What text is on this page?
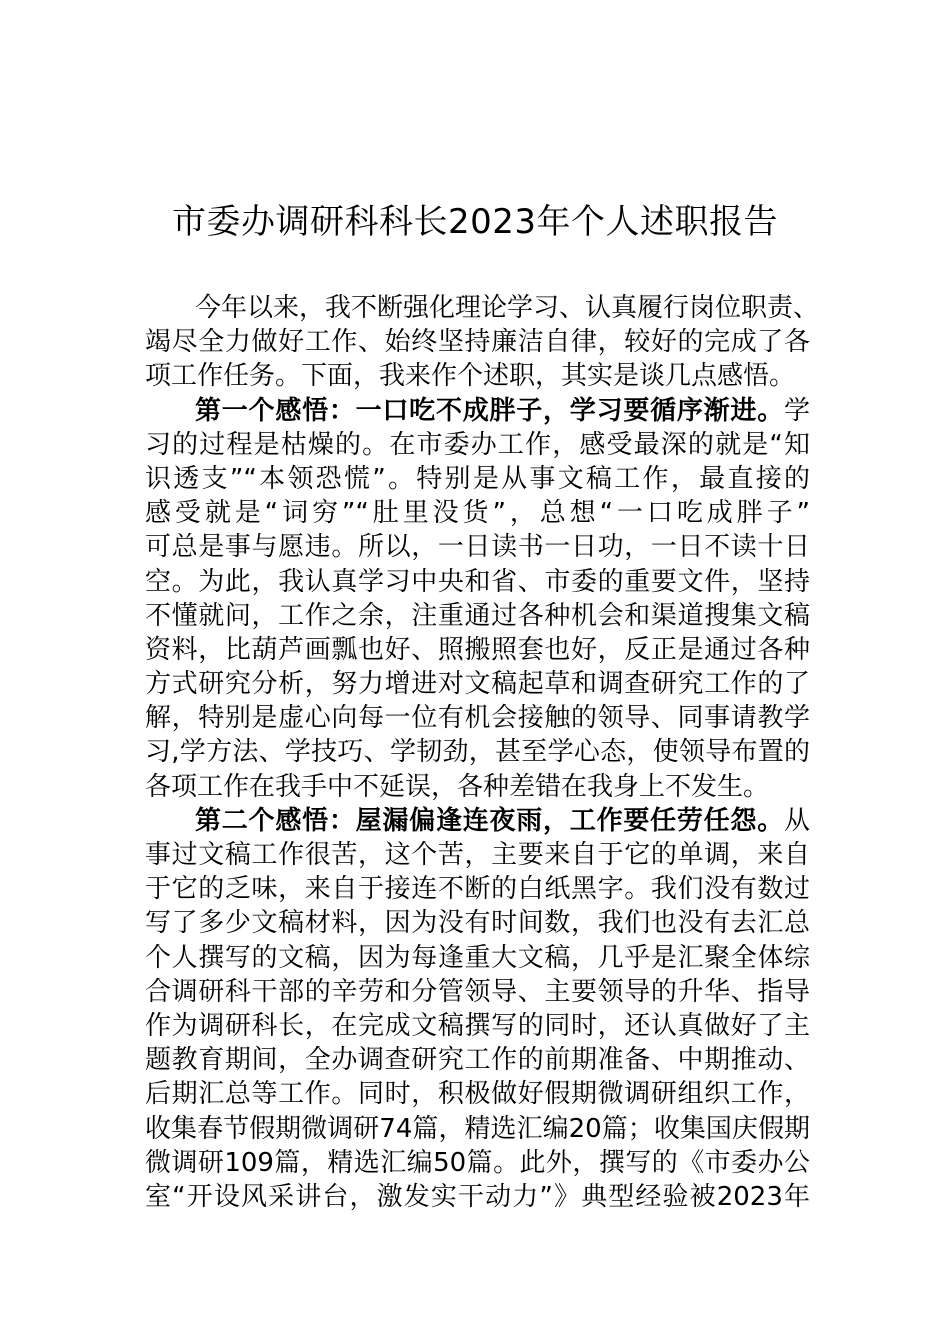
市委办调研科科长2023年个人述职报告
今年以来，我不断强化理论学习、认真履行岗位职责、
竭尽全力做好工作、始终坚持廉洁自律，较好的完成了各
项工作任务。下面，我来作个述职，其实是谈几点感悟。
第一个感悟：一口吃不成胖子，学习要循序渐进。学
习的过程是枯燥的。在市委办工作，感受最深的就是“知
识透支”“本领恐慌”。特别是从事文稿工作，最直接的
感受就是“词穷”“肚里没货”，总想“一口吃成胖子”
可总是事与愿违。所以，一日读书一日功，一日不读十日
空。为此，我认真学习中央和省、市委的重要文件，坚持
不懂就问，工作之余，注重通过各种机会和渠道搜集文稿
资料，比葫芦画瓢也好、照搬照套也好，反正是通过各种
方式研究分析，努力增进对文稿起草和调查研究工作的了
解，特别是虚心向每一位有机会接触的领导、同事请教学
习,学方法、学技巧、学韧劲，甚至学心态，使领导布置的
各项工作在我手中不延误，各种差错在我身上不发生。
第二个感悟：屋漏偏逢连夜雨，工作要任劳任怨。从
事过文稿工作很苦，这个苦，主要来自于它的单调，来自
于它的乏味，来自于接连不断的白纸黑字。我们没有数过
写了多少文稿材料，因为没有时间数，我们也没有去汇总
个人撰写的文稿，因为每逢重大文稿，几乎是汇聚全体综
合调研科干部的辛劳和分管领导、主要领导的升华、指导
作为调研科长，在完成文稿撰写的同时，还认真做好了主
题教育期间，全办调查研究工作的前期准备、中期推动、
后期汇总等工作。同时，积极做好假期微调研组织工作，
收集春节假期微调研74篇，精选汇编20篇；收集国庆假期
微调研109篇，精选汇编50篇。此外，撰写的《市委办公
室“开设风采讲台，激发实干动力”》典型经验被2023年
